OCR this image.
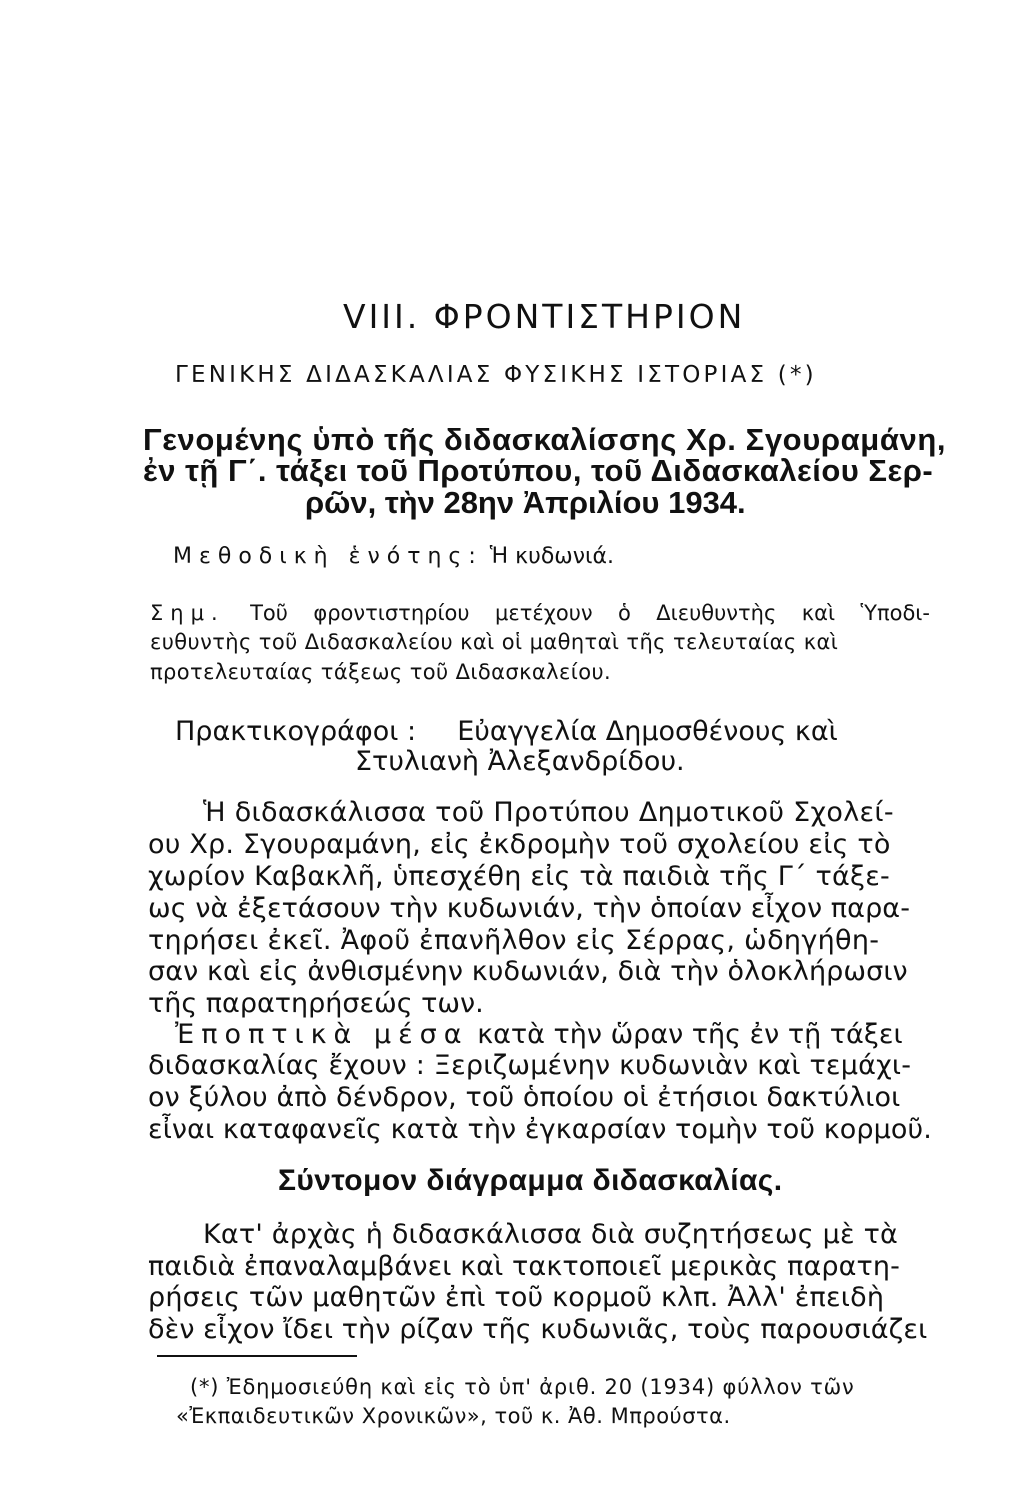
VIII. ΦΡΟΝΤΙΣΤΗΡΙΟΝ
ΓΕΝΙΚΗΣ ΔΙΔΑΣΚΑΛΙΑΣ ΦΥΣΙΚΗΣ ΙΣΤΟΡΙΑΣ (*)
Γενομένης ὑπὸ τῆς διδασκαλίσσης Χρ. Σγουραμάνη,
ἐν τῇ Γ΄. τάξει τοῦ Προτύπου, τοῦ Διδασκαλείου Σερ-
ρῶν, τὴν 28ην Ἀπριλίου 1934.
Μεθοδικὴ ἑνότης: Ἡ κυδωνιά.
Σημ. Τοῦ φροντιστηρίου μετέχουν ὁ Διευθυντὴς καὶ Ὑποδι-
ευθυντὴς τοῦ Διδασκαλείου καὶ οἱ μαθηταὶ τῆς τελευταίας καὶ
προτελευταίας τάξεως τοῦ Διδασκαλείου.
Πρακτικογράφοι : Εὐαγγελία Δημοσθένους καὶ
Στυλιανὴ Ἀλεξανδρίδου.
Ἡ διδασκάλισσα τοῦ Προτύπου Δημοτικοῦ Σχολεί-
ου Χρ. Σγουραμάνη, εἰς ἐκδρομὴν τοῦ σχολείου εἰς τὸ
χωρίον Καβακλῆ, ὑπεσχέθη εἰς τὰ παιδιὰ τῆς Γ΄ τάξε-
ως νὰ ἐξετάσουν τὴν κυδωνιάν, τὴν ὁποίαν εἶχον παρα-
τηρήσει ἐκεῖ. Ἀφοῦ ἐπανῆλθον εἰς Σέρρας, ὡδηγήθη-
σαν καὶ εἰς ἀνθισμένην κυδωνιάν, διὰ τὴν ὁλοκλήρωσιν
τῆς παρατηρήσεώς των.
Ἐποπτικὰ μέσα κατὰ τὴν ὥραν τῆς ἐν τῇ τάξει
διδασκαλίας ἔχουν : Ξεριζωμένην κυδωνιὰν καὶ τεμάχι-
ον ξύλου ἀπὸ δένδρον, τοῦ ὁποίου οἱ ἐτήσιοι δακτύλιοι
εἶναι καταφανεῖς κατὰ τὴν ἐγκαρσίαν τομὴν τοῦ κορμοῦ.
Σύντομον διάγραμμα διδασκαλίας.
Κατ' ἀρχὰς ἡ διδασκάλισσα διὰ συζητήσεως μὲ τὰ
παιδιὰ ἐπαναλαμβάνει καὶ τακτοποιεῖ μερικὰς παρατη-
ρήσεις τῶν μαθητῶν ἐπὶ τοῦ κορμοῦ κλπ. Ἀλλ' ἐπειδὴ
δὲν εἶχον ἴδει τὴν ρίζαν τῆς κυδωνιᾶς, τοὺς παρουσιάζει
(*) Ἐδημοσιεύθη καὶ εἰς τὸ ὑπ' ἀριθ. 20 (1934) φύλλον τῶν
«Ἐκπαιδευτικῶν Χρονικῶν», τοῦ κ. Ἀθ. Μπρούστα.
